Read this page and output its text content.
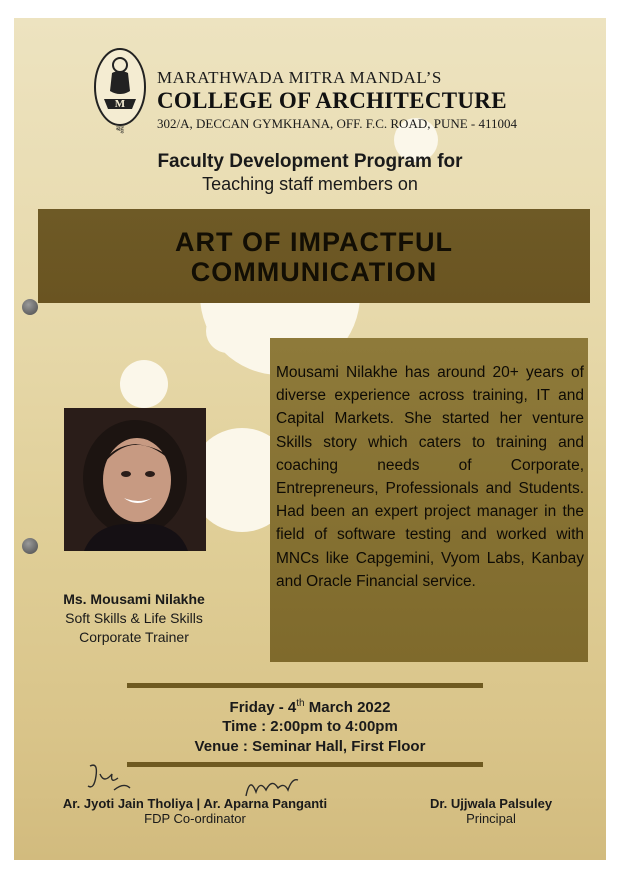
M
बहु
MARATHWADA MITRA MANDAL’S
COLLEGE OF ARCHITECTURE
302/A, DECCAN GYMKHANA, OFF. F.C. ROAD, PUNE - 411004
Faculty Development Program for
Teaching staff members on
ART OF IMPACTFUL
COMMUNICATION
Mousami Nilakhe has around 20+ years of diverse experience across training, IT and Capital Markets. She started her venture Skills story which caters to training and coaching needs of Corporate, Entrepreneurs, Professionals and Students. Had been an expert project manager in the field of software testing and worked with MNCs like Capgemini, Vyom Labs, Kanbay and Oracle Financial service.
Ms. Mousami Nilakhe
Soft Skills & Life Skills
Corporate Trainer
Friday - 4th March 2022
Time : 2:00pm to 4:00pm
Venue : Seminar Hall, First Floor
Ar. Jyoti Jain Tholiya | Ar. Aparna Panganti
FDP Co-ordinator
Dr. Ujjwala Palsuley
Principal
